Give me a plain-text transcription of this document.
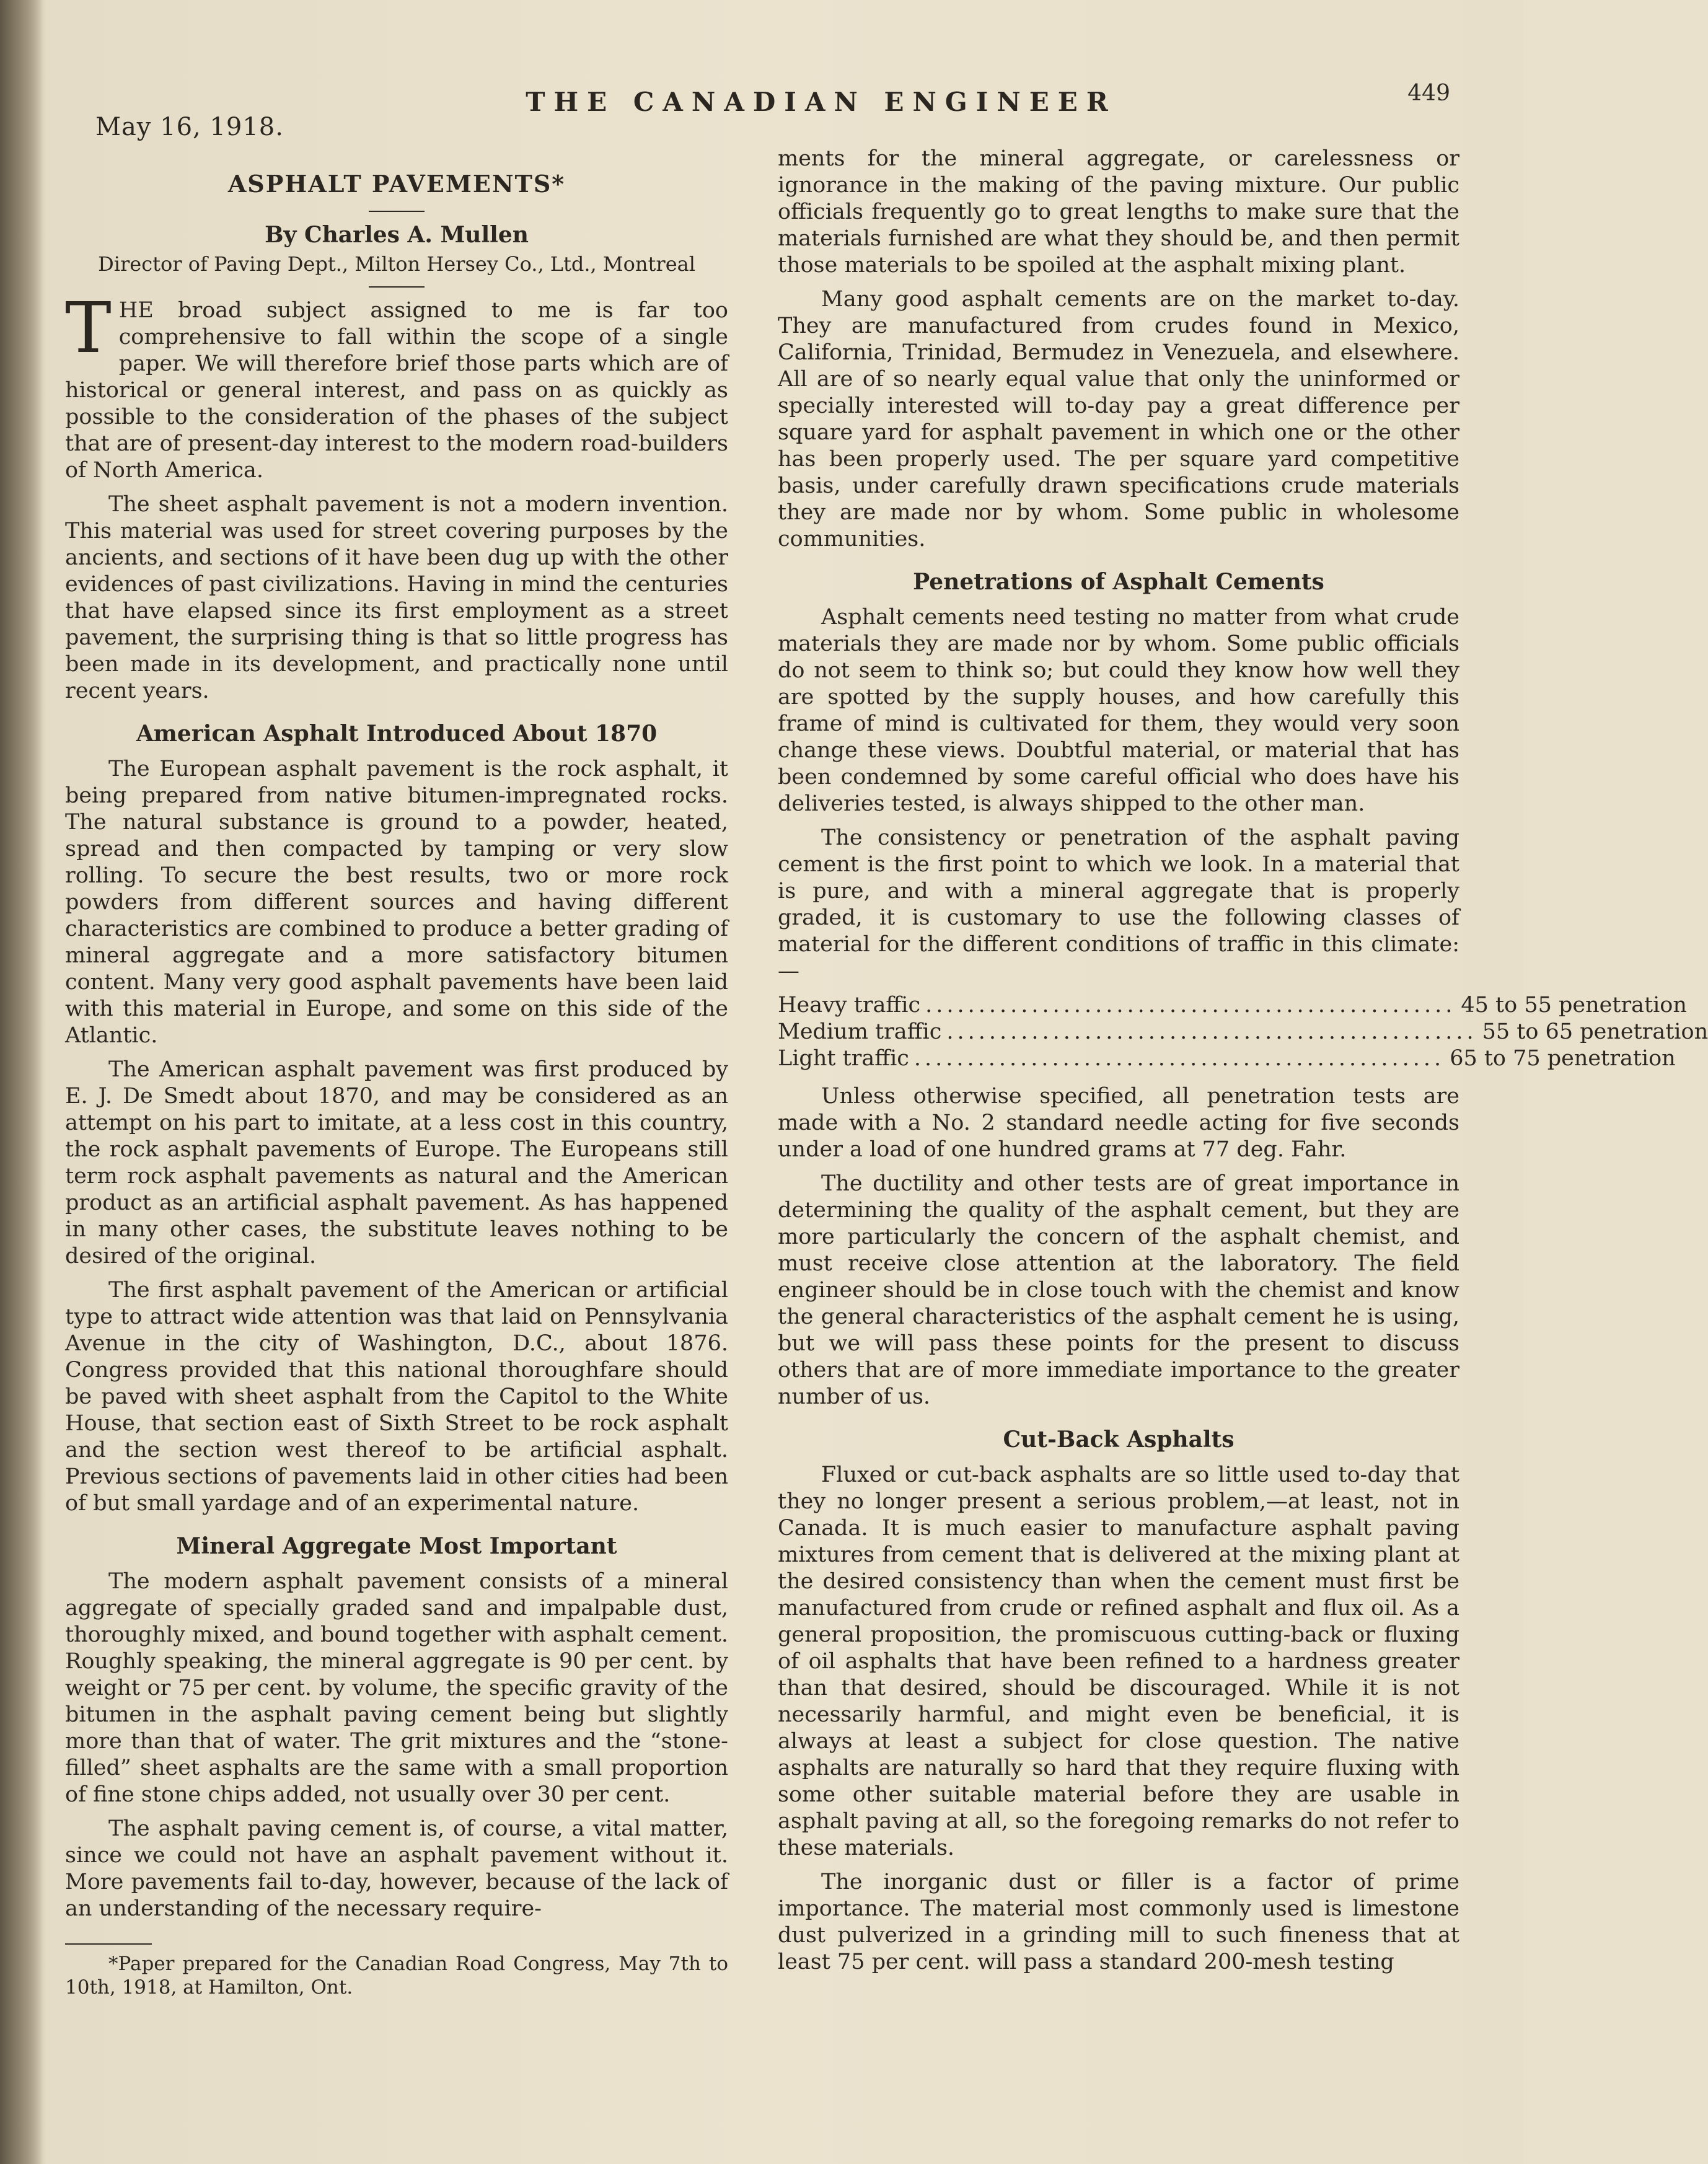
May 16, 1918.
THE CANADIAN ENGINEER	449
ASPHALT PAVEMENTS*
By Charles A. Mullen
Director of Paving Dept., Milton Hersey Co., Ltd., Montreal

THE broad subject assigned to me is far too comprehensive to fall within the scope of a single paper. We will therefore brief those parts which are of historical or general interest, and pass on as quickly as possible to the consideration of the phases of the subject that are of present-day interest to the modern road-builders of North America.

The sheet asphalt pavement is not a modern invention. This material was used for street covering purposes by the ancients, and sections of it have been dug up with the other evidences of past civilizations. Having in mind the centuries that have elapsed since its first employment as a street pavement, the surprising thing is that so little progress has been made in its development, and practically none until recent years.

American Asphalt Introduced About 1870

The European asphalt pavement is the rock asphalt, it being prepared from native bitumen-impregnated rocks. The natural substance is ground to a powder, heated, spread and then compacted by tamping or very slow rolling. To secure the best results, two or more rock powders from different sources and having different characteristics are combined to produce a better grading of mineral aggregate and a more satisfactory bitumen content. Many very good asphalt pavements have been laid with this material in Europe, and some on this side of the Atlantic.

The American asphalt pavement was first produced by E. J. De Smedt about 1870, and may be considered as an attempt on his part to imitate, at a less cost in this country, the rock asphalt pavements of Europe. The Europeans still term rock asphalt pavements as natural and the American product as an artificial asphalt pavement. As has happened in many other cases, the substitute leaves nothing to be desired of the original.

The first asphalt pavement of the American or artificial type to attract wide attention was that laid on Pennsylvania Avenue in the city of Washington, D.C., about 1876. Congress provided that this national thoroughfare should be paved with sheet asphalt from the Capitol to the White House, that section east of Sixth Street to be rock asphalt and the section west thereof to be artificial asphalt. Previous sections of pavements laid in other cities had been of but small yardage and of an experimental nature.

Mineral Aggregate Most Important

The modern asphalt pavement consists of a mineral aggregate of specially graded sand and impalpable dust, thoroughly mixed, and bound together with asphalt cement. Roughly speaking, the mineral aggregate is 90 per cent. by weight or 75 per cent. by volume, the specific gravity of the bitumen in the asphalt paving cement being but slightly more than that of water. The grit mixtures and the “stone-filled” sheet asphalts are the same with a small proportion of fine stone chips added, not usually over 30 per cent.

The asphalt paving cement is, of course, a vital matter, since we could not have an asphalt pavement without it. More pavements fail to-day, however, because of the lack of an understanding of the necessary require-

*Paper prepared for the Canadian Road Congress, May 7th to 10th, 1918, at Hamilton, Ont.

ments for the mineral aggregate, or carelessness or ignorance in the making of the paving mixture. Our public officials frequently go to great lengths to make sure that the materials furnished are what they should be, and then permit those materials to be spoiled at the asphalt mixing plant.

Many good asphalt cements are on the market to-day. They are manufactured from crudes found in Mexico, California, Trinidad, Bermudez in Venezuela, and elsewhere. All are of so nearly equal value that only the uninformed or specially interested will to-day pay a great difference per square yard for asphalt pavement in which one or the other has been properly used. The per square yard competitive basis, under carefully drawn specifications crude materials they are made nor by whom. Some public in wholesome communities.

Penetrations of Asphalt Cements

Asphalt cements need testing no matter from what crude materials they are made nor by whom. Some public officials do not seem to think so; but could they know how well they are spotted by the supply houses, and how carefully this frame of mind is cultivated for them, they would very soon change these views. Doubtful material, or material that has been condemned by some careful official who does have his deliveries tested, is always shipped to the other man.

The consistency or penetration of the asphalt paving cement is the first point to which we look. In a material that is pure, and with a mineral aggregate that is properly graded, it is customary to use the following classes of material for the different conditions of traffic in this climate:—

Heavy traffic .................................................. 45 to 55 penetration
Medium traffic .................................................. 55 to 65 penetration
Light traffic .................................................. 65 to 75 penetration

Unless otherwise specified, all penetration tests are made with a No. 2 standard needle acting for five seconds under a load of one hundred grams at 77 deg. Fahr.

The ductility and other tests are of great importance in determining the quality of the asphalt cement, but they are more particularly the concern of the asphalt chemist, and must receive close attention at the laboratory. The field engineer should be in close touch with the chemist and know the general characteristics of the asphalt cement he is using, but we will pass these points for the present to discuss others that are of more immediate importance to the greater number of us.

Cut-Back Asphalts

Fluxed or cut-back asphalts are so little used to-day that they no longer present a serious problem,—at least, not in Canada. It is much easier to manufacture asphalt paving mixtures from cement that is delivered at the mixing plant at the desired consistency than when the cement must first be manufactured from crude or refined asphalt and flux oil. As a general proposition, the promiscuous cutting-back or fluxing of oil asphalts that have been refined to a hardness greater than that desired, should be discouraged. While it is not necessarily harmful, and might even be beneficial, it is always at least a subject for close question. The native asphalts are naturally so hard that they require fluxing with some other suitable material before they are usable in asphalt paving at all, so the foregoing remarks do not refer to these materials.

The inorganic dust or filler is a factor of prime importance. The material most commonly used is limestone dust pulverized in a grinding mill to such fineness that at least 75 per cent. will pass a standard 200-mesh testing
